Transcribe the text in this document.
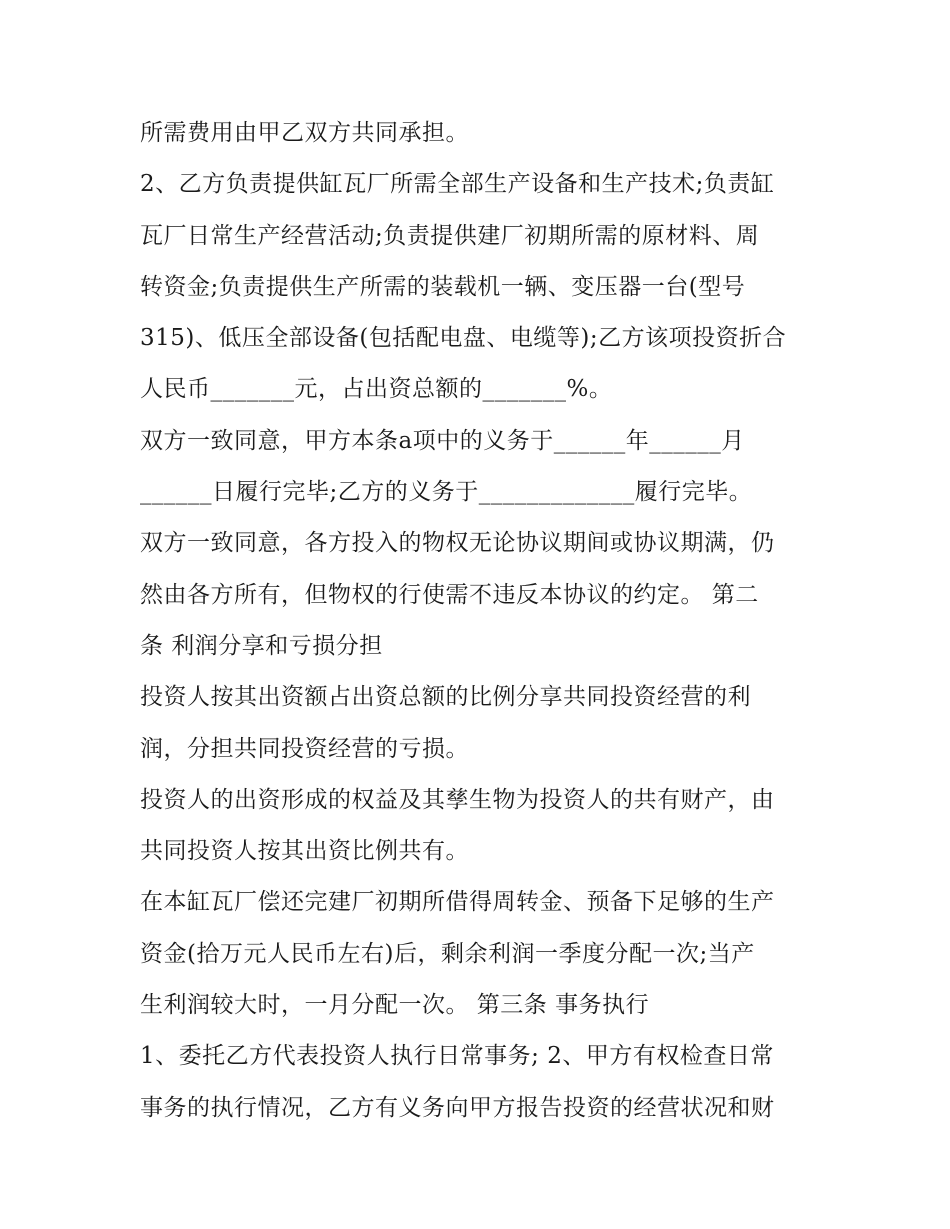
所需费用由甲乙双方共同承担。
2、乙方负责提供缸瓦厂所需全部生产设备和生产技术;负责缸
瓦厂日常生产经营活动;负责提供建厂初期所需的原材料、周
转资金;负责提供生产所需的装载机一辆、变压器一台(型号
315)、低压全部设备(包括配电盘、电缆等);乙方该项投资折合
人民币_______元，占出资总额的_______%。
双方一致同意，甲方本条a项中的义务于______年______月
______日履行完毕;乙方的义务于_____________履行完毕。
双方一致同意，各方投入的物权无论协议期间或协议期满，仍
然由各方所有，但物权的行使需不违反本协议的约定。 第二
条 利润分享和亏损分担
投资人按其出资额占出资总额的比例分享共同投资经营的利
润，分担共同投资经营的亏损。
投资人的出资形成的权益及其孳生物为投资人的共有财产，由
共同投资人按其出资比例共有。
在本缸瓦厂偿还完建厂初期所借得周转金、预备下足够的生产
资金(拾万元人民币左右)后，剩余利润一季度分配一次;当产
生利润较大时，一月分配一次。 第三条 事务执行
1、委托乙方代表投资人执行日常事务; 2、甲方有权检查日常
事务的执行情况，乙方有义务向甲方报告投资的经营状况和财
